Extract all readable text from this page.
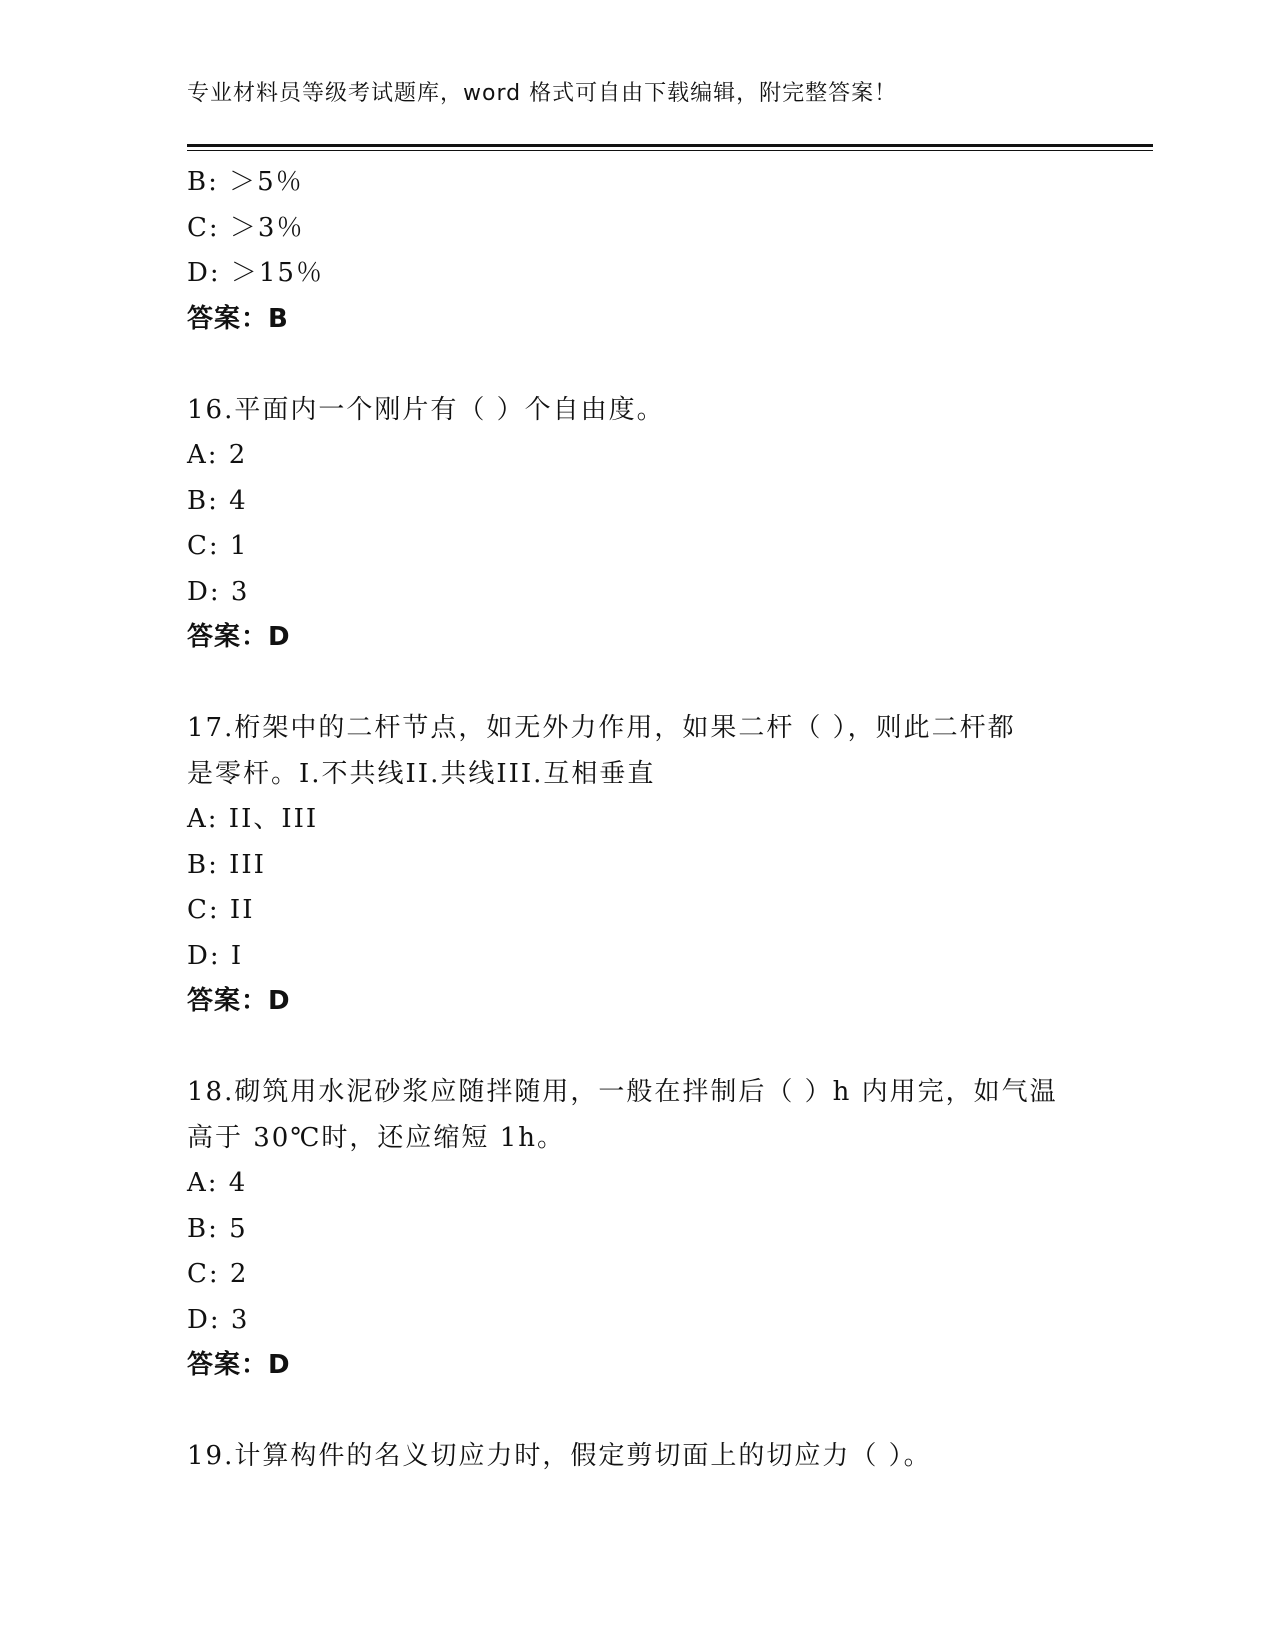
专业材料员等级考试题库，word 格式可自由下载编辑，附完整答案！
B: ＞5％
C: ＞3％
D: ＞15％
答案：B
16.平面内一个刚片有（ ）个自由度。
A: 2
B: 4
C: 1
D: 3
答案：D
17.桁架中的二杆节点，如无外力作用，如果二杆（ ），则此二杆都
是零杆。I.不共线II.共线III.互相垂直
A: II、III
B: III
C: II
D: I
答案：D
18.砌筑用水泥砂浆应随拌随用，一般在拌制后（ ）h 内用完，如气温
高于 30℃时，还应缩短 1h。
A: 4
B: 5
C: 2
D: 3
答案：D
19.计算构件的名义切应力时，假定剪切面上的切应力（ ）。
